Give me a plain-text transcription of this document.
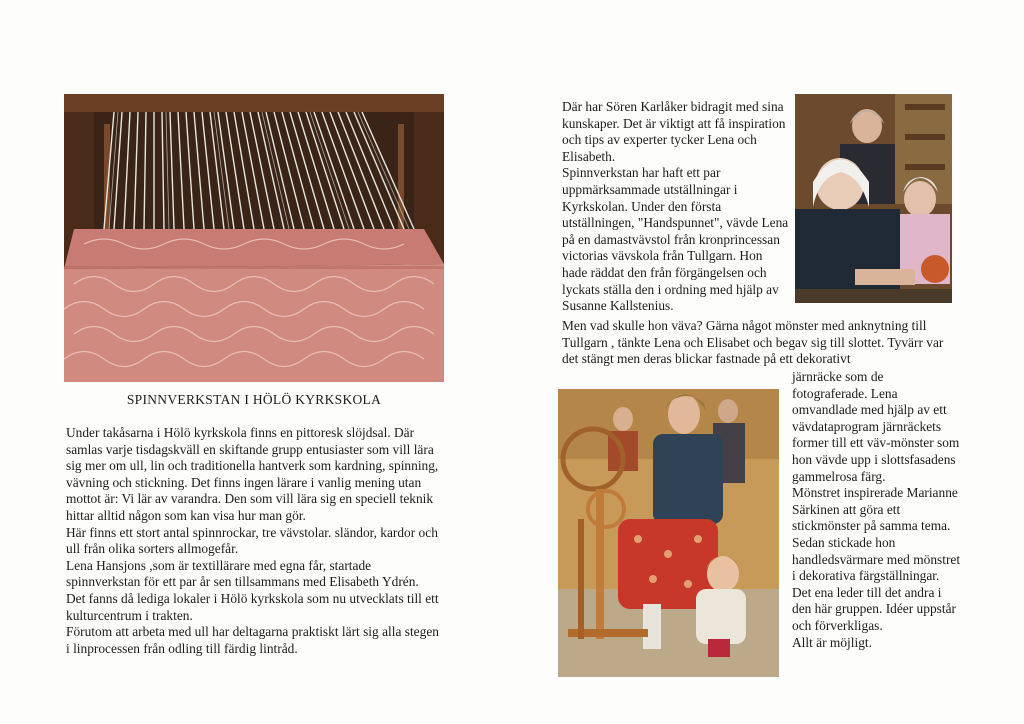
SPINNVERKSTAN I HÖLÖ KYRKSKOLA

Under takåsarna i Hölö kyrkskola finns en pittoresk slöjdsal. Där samlas varje tisdagskväll en skiftande grupp entusiaster som vill lära sig mer om ull, lin och traditionella hantverk som kardning, spinning, vävning och stickning. Det finns ingen lärare i vanlig mening utan mottot är: Vi lär av varandra. Den som vill lära sig en speciell teknik hittar alltid någon som kan visa hur man gör.

Här finns ett stort antal spinnrockar, tre vävstolar. sländor, kardor och ull från olika sorters allmogefår.

Lena Hansjons ,som är textillärare med egna får, startade spinnverkstan för ett par år sen tillsammans med Elisabeth Ydrén. Det fanns då lediga lokaler i Hölö kyrkskola som nu utvecklats till ett kulturcentrum i trakten.

Förutom att arbeta med ull har deltagarna praktiskt lärt sig alla stegen i linprocessen från odling till färdig lintråd.

Där har Sören Karlåker bidragit med sina kunskaper. Det är viktigt att få inspiration och tips av experter tycker Lena och Elisabeth.

Spinnverkstan har haft ett par uppmärksammade utställningar i Kyrkskolan. Under den första utställningen, "Handspunnet", vävde Lena på en damastvävstol från kronprincessan victorias vävskola från Tullgarn. Hon hade räddat den från förgängelsen och lyckats ställa den i ordning med hjälp av Susanne Kallstenius.

Men vad skulle hon väva? Gärna något mönster med anknytning till Tullgarn , tänkte Lena och Elisabet och begav sig till slottet. Tyvärr var det stängt men deras blickar fastnade på ett dekorativt

järnräcke som de fotograferade. Lena omvandlade med hjälp av ett vävdataprogram järnräckets former till ett väv-mönster som hon vävde upp i slottsfasadens gammelrosa färg.

Mönstret inspirerade Marianne Särkinen att göra ett stickmönster på samma tema. Sedan stickade hon handledsvärmare med mönstret i dekorativa färgställningar. Det ena leder till det andra i den här gruppen. Idéer uppstår och förverkligas.

Allt är möjligt.
